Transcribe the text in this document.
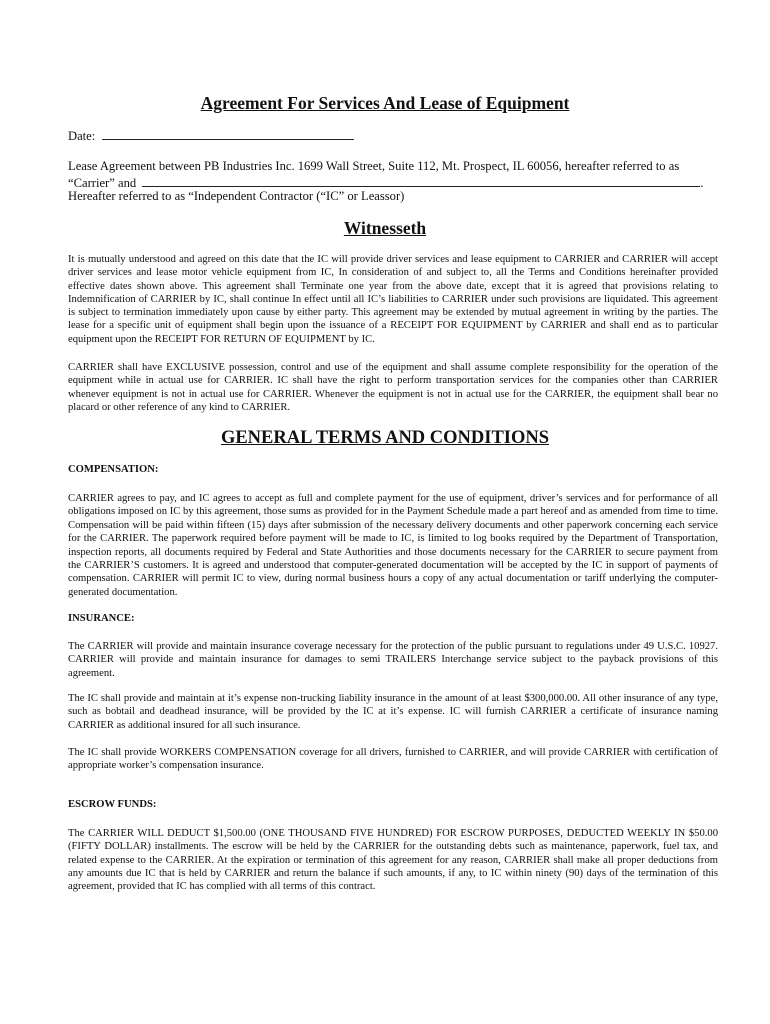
Agreement For Services And Lease of Equipment
Date:
Lease Agreement between PB Industries Inc. 1699 Wall Street, Suite 112, Mt. Prospect, IL 60056, hereafter referred to as
“Carrier” and	.
Hereafter referred to as “Independent Contractor (“IC” or Leassor)
Witnesseth
It is mutually understood and agreed on this date that the IC will provide driver services and lease equipment to CARRIER and CARRIER will accept driver services and lease motor vehicle equipment from IC, In consideration of and subject to, all the Terms and Conditions hereinafter provided effective dates shown above. This agreement shall Terminate one year from the above date, except that it is agreed that provisions relating to Indemnification of CARRIER by IC, shall continue In effect until all IC’s liabilities to CARRIER under such provisions are liquidated. This agreement is subject to termination immediately upon cause by either party. This agreement may be extended by mutual agreement in writing by the parties. The lease for a specific unit of equipment shall begin upon the issuance of a RECEIPT FOR EQUIPMENT by CARRIER and shall end as to particular equipment upon the RECEIPT FOR RETURN OF EQUIPMENT by IC.
CARRIER shall have EXCLUSIVE possession, control and use of the equipment and shall assume complete responsibility for the operation of the equipment while in actual use for CARRIER. IC shall have the right to perform transportation services for the companies other than CARRIER whenever equipment is not in actual use for CARRIER. Whenever the equipment is not in actual use for the CARRIER, the equipment shall bear no placard or other reference of any kind to CARRIER.
GENERAL TERMS AND CONDITIONS
COMPENSATION:
CARRIER agrees to pay, and IC agrees to accept as full and complete payment for the use of equipment, driver’s services and for performance of all obligations imposed on IC by this agreement, those sums as provided for in the Payment Schedule made a part hereof and as amended from time to time. Compensation will be paid within fifteen (15) days after submission of the necessary delivery documents and other paperwork concerning each service for the CARRIER. The paperwork required before payment will be made to IC, is limited to log books required by the Department of Transportation, inspection reports, all documents required by Federal and State Authorities and those documents necessary for the CARRIER to secure payment from the CARRIER’S customers. It is agreed and understood that computer-generated documentation will be accepted by the IC in support of payments of compensation. CARRIER will permit IC to view, during normal business hours a copy of any actual documentation or tariff underlying the computer-generated documentation.
INSURANCE:
The CARRIER will provide and maintain insurance coverage necessary for the protection of the public pursuant to regulations under 49 U.S.C. 10927. CARRIER will provide and maintain insurance for damages to semi TRAILERS Interchange service subject to the payback provisions of this agreement.
The IC shall provide and maintain at it’s expense non-trucking liability insurance in the amount of at least $300,000.00. All other insurance of any type, such as bobtail and deadhead insurance, will be provided by the IC at it’s expense. IC will furnish CARRIER a certificate of insurance naming CARRIER as additional insured for all such insurance.
The IC shall provide WORKERS COMPENSATION coverage for all drivers, furnished to CARRIER, and will provide CARRIER with certification of appropriate worker’s compensation insurance.
ESCROW FUNDS:
The CARRIER WILL DEDUCT $1,500.00 (ONE THOUSAND FIVE HUNDRED) FOR ESCROW PURPOSES, DEDUCTED WEEKLY IN $50.00 (FIFTY DOLLAR) installments. The escrow will be held by the CARRIER for the outstanding debts such as maintenance, paperwork, fuel tax, and related expense to the CARRIER. At the expiration or termination of this agreement for any reason, CARRIER shall make all proper deductions from any amounts due IC that is held by CARRIER and return the balance if such amounts, if any, to IC within ninety (90) days of the termination of this agreement, provided that IC has complied with all terms of this contract.
